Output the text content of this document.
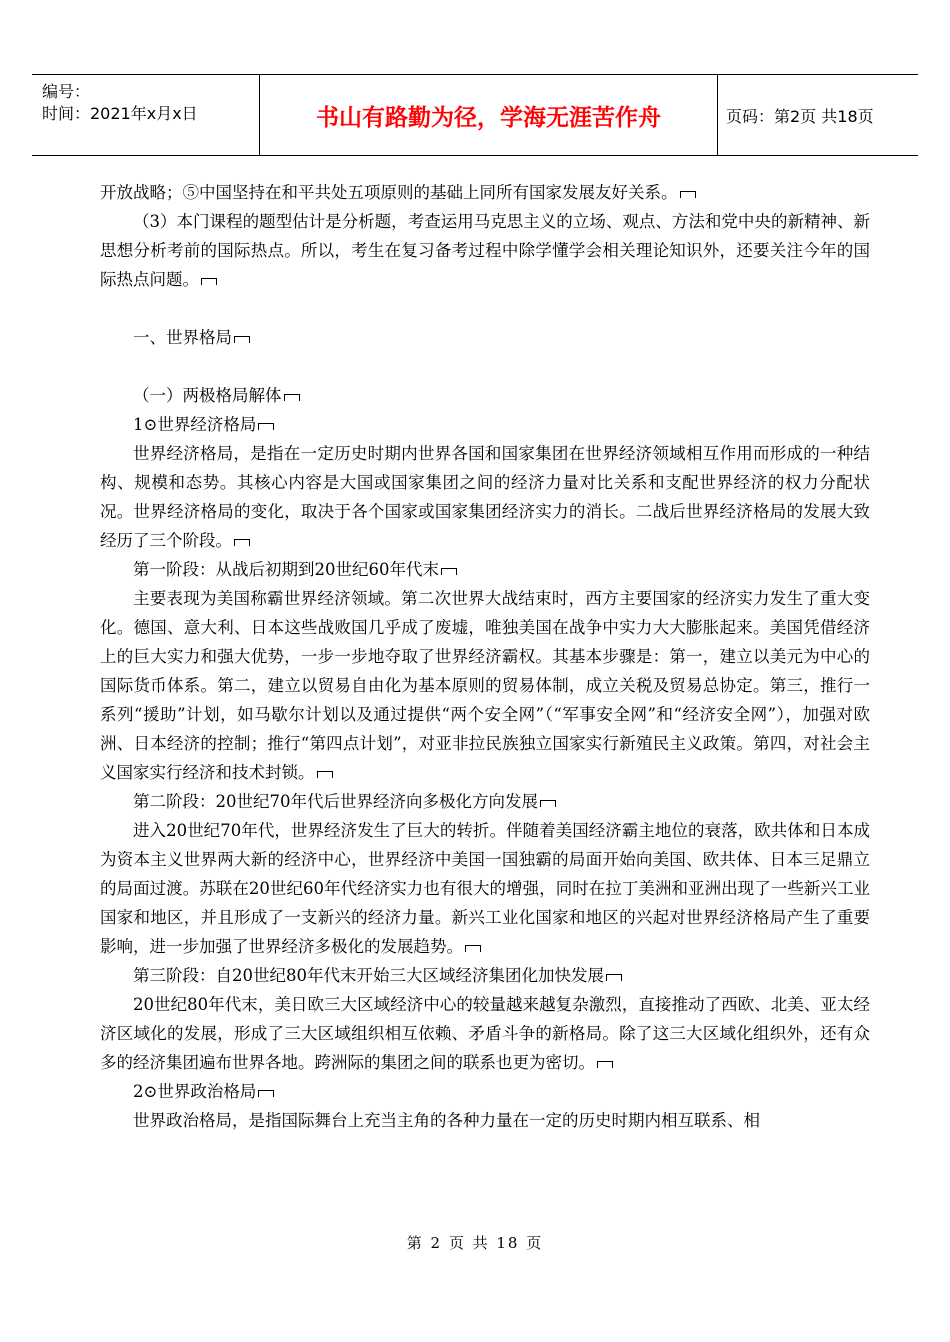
编号：
时间：2021年x月x日	书山有路勤为径，学海无涯苦作舟	页码：第2页 共18页

开放战略；⑤中国坚持在和平共处五项原则的基础上同所有国家发展友好关系。

（3）本门课程的题型估计是分析题，考查运用马克思主义的立场、观点、方法和党中央的新精神、新思想分析考前的国际热点。所以，考生在复习备考过程中除学懂学会相关理论知识外，还要关注今年的国际热点问题。

一、世界格局

（一）两极格局解体

1⊙世界经济格局

世界经济格局，是指在一定历史时期内世界各国和国家集团在世界经济领域相互作用而形成的一种结构、规模和态势。其核心内容是大国或国家集团之间的经济力量对比关系和支配世界经济的权力分配状况。世界经济格局的变化，取决于各个国家或国家集团经济实力的消长。二战后世界经济格局的发展大致经历了三个阶段。

第一阶段：从战后初期到20世纪60年代末

主要表现为美国称霸世界经济领域。第二次世界大战结束时，西方主要国家的经济实力发生了重大变化。德国、意大利、日本这些战败国几乎成了废墟，唯独美国在战争中实力大大膨胀起来。美国凭借经济上的巨大实力和强大优势，一步一步地夺取了世界经济霸权。其基本步骤是：第一，建立以美元为中心的国际货币体系。第二，建立以贸易自由化为基本原则的贸易体制，成立关税及贸易总协定。第三，推行一系列“援助”计划，如马歇尔计划以及通过提供“两个安全网”（“军事安全网”和“经济安全网”），加强对欧洲、日本经济的控制；推行“第四点计划”，对亚非拉民族独立国家实行新殖民主义政策。第四，对社会主义国家实行经济和技术封锁。

第二阶段：20世纪70年代后世界经济向多极化方向发展

进入20世纪70年代，世界经济发生了巨大的转折。伴随着美国经济霸主地位的衰落，欧共体和日本成为资本主义世界两大新的经济中心，世界经济中美国一国独霸的局面开始向美国、欧共体、日本三足鼎立的局面过渡。苏联在20世纪60年代经济实力也有很大的增强，同时在拉丁美洲和亚洲出现了一些新兴工业国家和地区，并且形成了一支新兴的经济力量。新兴工业化国家和地区的兴起对世界经济格局产生了重要影响，进一步加强了世界经济多极化的发展趋势。

第三阶段：自20世纪80年代末开始三大区域经济集团化加快发展

20世纪80年代末，美日欧三大区域经济中心的较量越来越复杂激烈，直接推动了西欧、北美、亚太经济区域化的发展，形成了三大区域组织相互依赖、矛盾斗争的新格局。除了这三大区域化组织外，还有众多的经济集团遍布世界各地。跨洲际的集团之间的联系也更为密切。

2⊙世界政治格局

世界政治格局，是指国际舞台上充当主角的各种力量在一定的历史时期内相互联系、相

第 2 页 共 18 页
